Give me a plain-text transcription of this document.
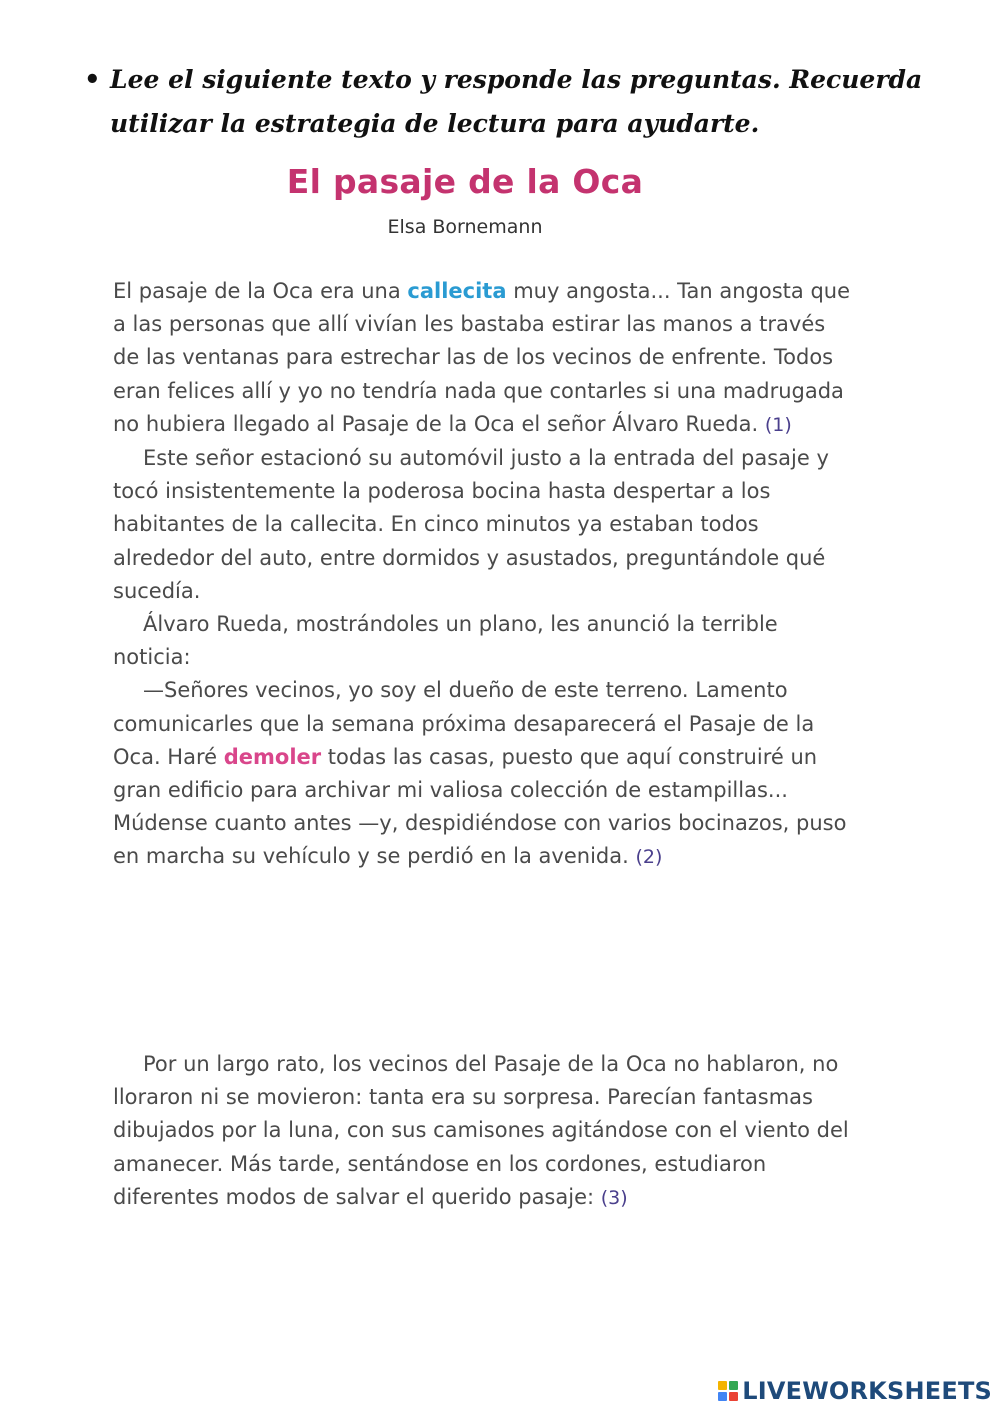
• Lee el siguiente texto y responde las preguntas. Recuerda utilizar la estrategia de lectura para ayudarte.
El pasaje de la Oca
Elsa Bornemann

El pasaje de la Oca era una callecita muy angosta... Tan angosta que a las personas que allí vivían les bastaba estirar las manos a través de las ventanas para estrechar las de los vecinos de enfrente. Todos eran felices allí y yo no tendría nada que contarles si una madrugada no hubiera llegado al Pasaje de la Oca el señor Álvaro Rueda. (1)

Este señor estacionó su automóvil justo a la entrada del pasaje y tocó insistentemente la poderosa bocina hasta despertar a los habitantes de la callecita. En cinco minutos ya estaban todos alrededor del auto, entre dormidos y asustados, preguntándole qué sucedía.

Álvaro Rueda, mostrándoles un plano, les anunció la terrible noticia:

—Señores vecinos, yo soy el dueño de este terreno. Lamento comunicarles que la semana próxima desaparecerá el Pasaje de la Oca. Haré demoler todas las casas, puesto que aquí construiré un gran edificio para archivar mi valiosa colección de estampillas... Múdense cuanto antes —y, despidiéndose con varios bocinazos, puso en marcha su vehículo y se perdió en la avenida. (2)

Por un largo rato, los vecinos del Pasaje de la Oca no hablaron, no lloraron ni se movieron: tanta era su sorpresa. Parecían fantasmas dibujados por la luna, con sus camisones agitándose con el viento del amanecer. Más tarde, sentándose en los cordones, estudiaron diferentes modos de salvar el querido pasaje: (3)

LIVEWORKSHEETS
